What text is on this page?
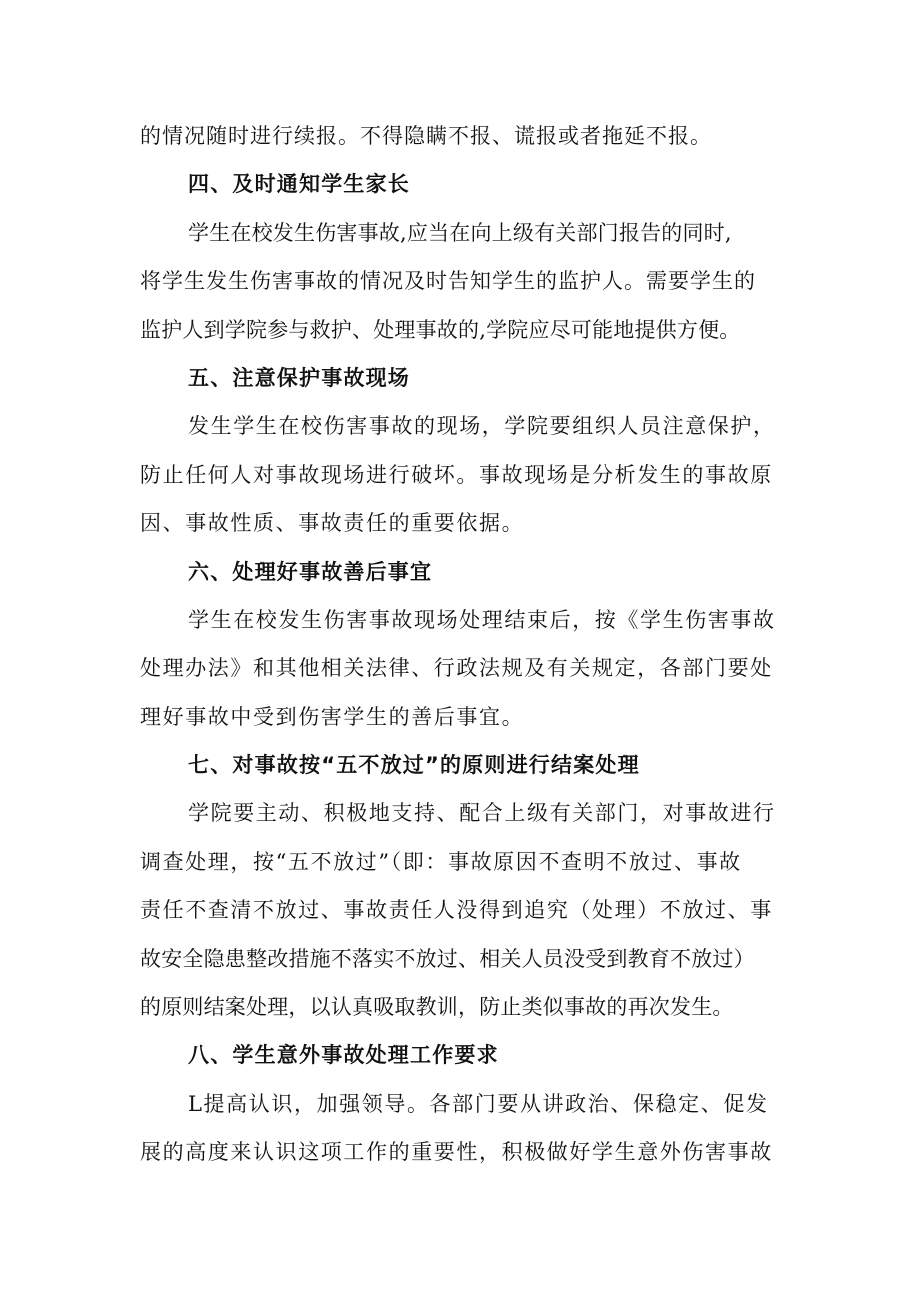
的情况随时进行续报。不得隐瞒不报、谎报或者拖延不报。
四、及时通知学生家长
学生在校发生伤害事故,应当在向上级有关部门报告的同时,
将学生发生伤害事故的情况及时告知学生的监护人。需要学生的
监护人到学院参与救护、处理事故的,学院应尽可能地提供方便。
五、注意保护事故现场
发生学生在校伤害事故的现场，学院要组织人员注意保护，
防止任何人对事故现场进行破坏。事故现场是分析发生的事故原
因、事故性质、事故责任的重要依据。
六、处理好事故善后事宜
学生在校发生伤害事故现场处理结束后，按《学生伤害事故
处理办法》和其他相关法律、行政法规及有关规定，各部门要处
理好事故中受到伤害学生的善后事宜。
七、对事故按“五不放过”的原则进行结案处理
学院要主动、积极地支持、配合上级有关部门，对事故进行
调查处理，按“五不放过”（即：事故原因不查明不放过、事故
责任不查清不放过、事故责任人没得到追究（处理）不放过、事
故安全隐患整改措施不落实不放过、相关人员没受到教育不放过）
的原则结案处理，以认真吸取教训，防止类似事故的再次发生。
八、学生意外事故处理工作要求
L提高认识，加强领导。各部门要从讲政治、保稳定、促发
展的高度来认识这项工作的重要性，积极做好学生意外伤害事故
